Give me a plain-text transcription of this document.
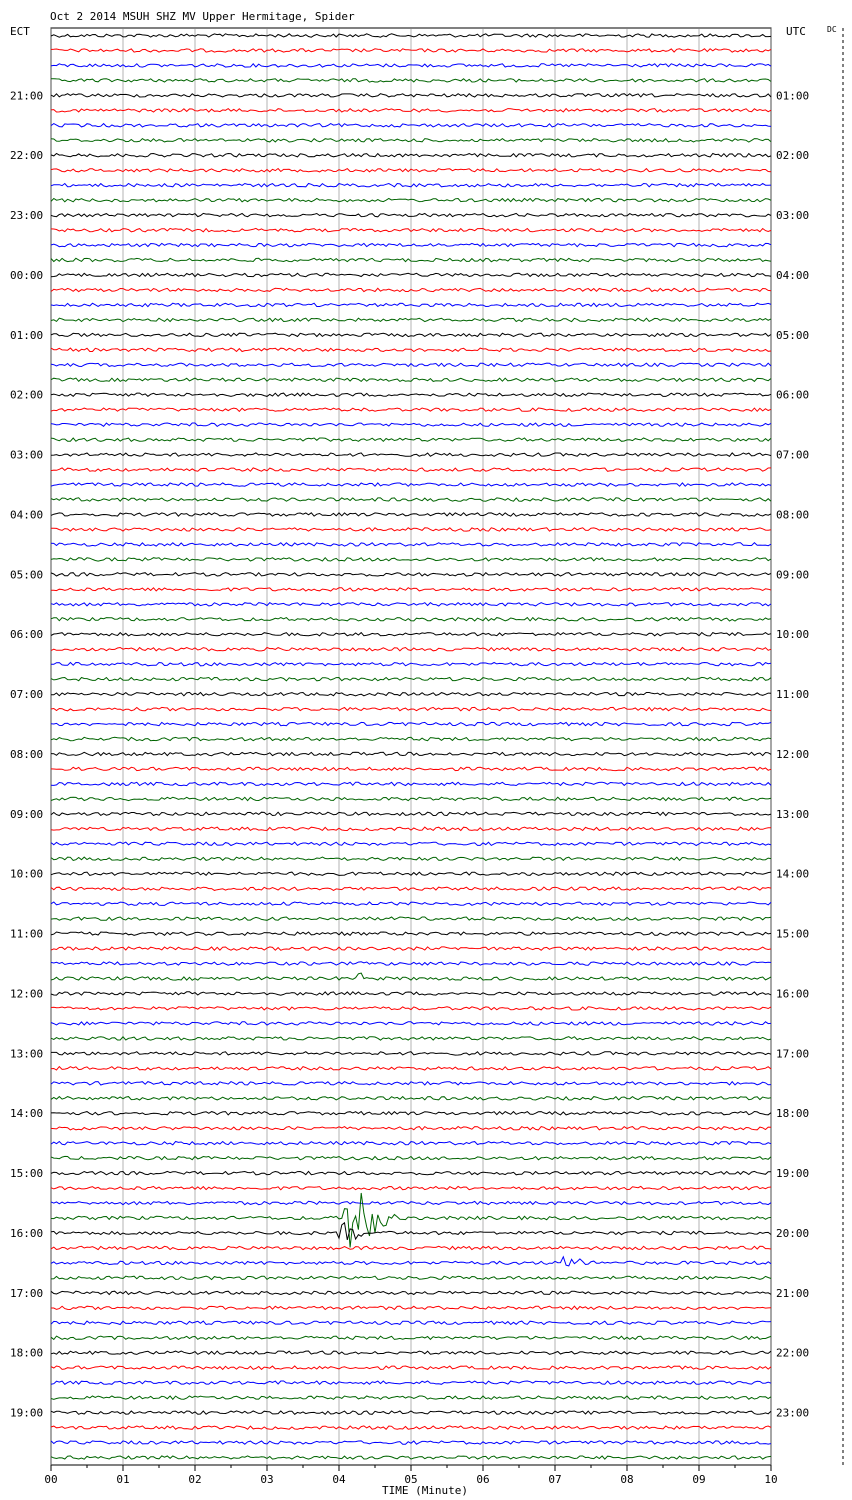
Oct 2 2014 MSUH SHZ MV Upper Hermitage, Spider
ECT	UTC	DC
21:00
22:00
23:00
00:00
01:00
02:00
03:00
04:00
05:00
06:00
07:00
08:00
09:00
10:00
11:00
12:00
13:00
14:00
15:00
16:00
17:00
18:00
19:00
01:00
02:00
03:00
04:00
05:00
06:00
07:00
08:00
09:00
10:00
11:00
12:00
13:00
14:00
15:00
16:00
17:00
18:00
19:00
20:00
21:00
22:00
23:00
00	01	02	03	04	05	06	07	08	09	10
TIME (Minute)
